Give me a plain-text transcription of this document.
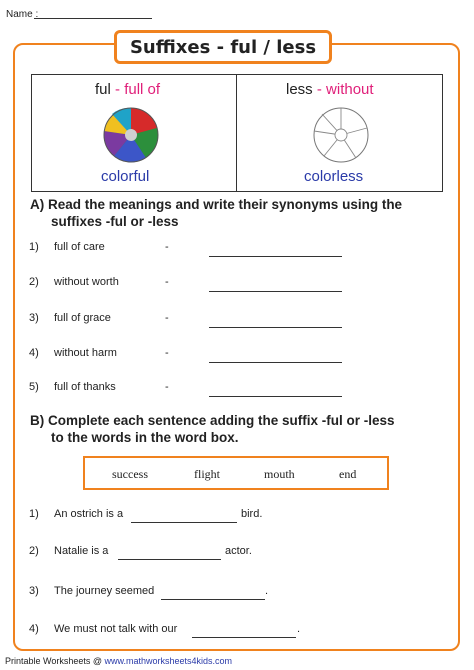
Name :
Suffixes - ful / less
ful - full of	less - without
colorful	colorless
A) Read the meanings and write their synonyms using the
suffixes -ful or -less
1) full of care	-
2) without worth	-
3) full of grace	-
4) without harm	-
5) full of thanks	-
B) Complete each sentence adding the suffix -ful or -less
to the words in the word box.
success	flight	mouth	end
1) An ostrich is a	bird.
2) Natalie is a	actor.
3) The journey seemed	.
4) We must not talk with our	.
Printable Worksheets @ www.mathworksheets4kids.com
